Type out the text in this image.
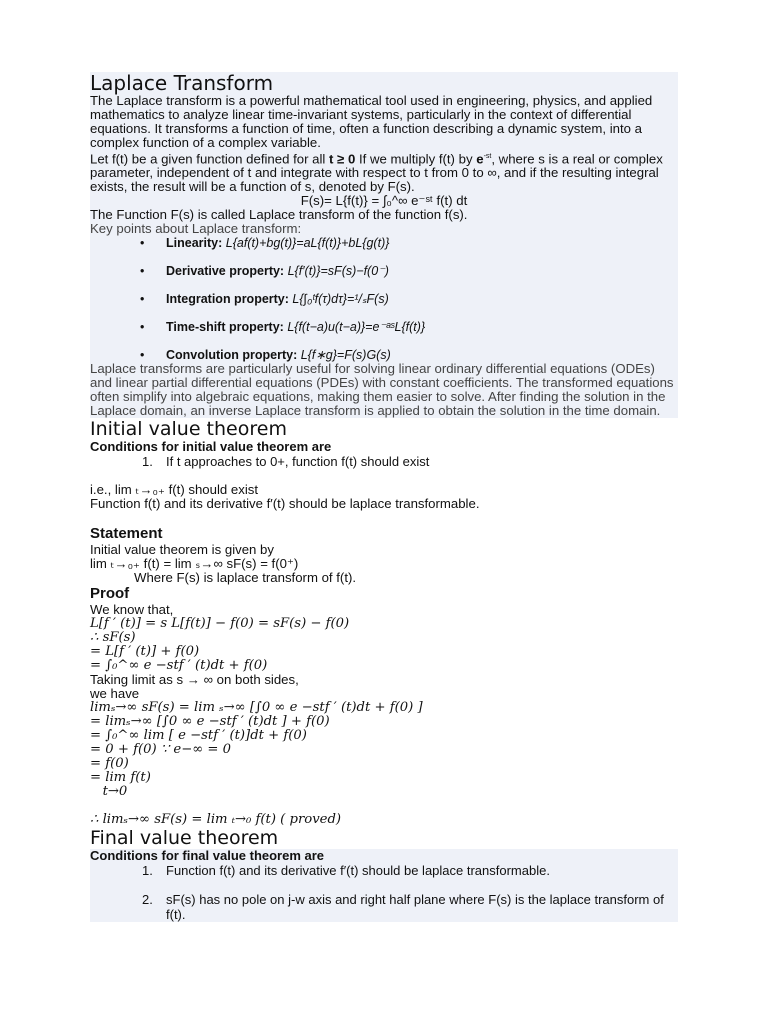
Laplace Transform

The Laplace transform is a powerful mathematical tool used in engineering, physics, and applied mathematics to analyze linear time-invariant systems, particularly in the context of differential equations. It transforms a function of time, often a function describing a dynamic system, into a complex function of a complex variable.

Let f(t) be a given function defined for all t ≥ 0 If we multiply f(t) by $e^{-st}$, where s is a real or complex parameter, independent of t and integrate with respect to t from 0 to ∞, and if the resulting integral exists, the result will be a function of s, denoted by F(s).

F(s)= L{f(t)} = ∫₀^∞ e⁻ˢᵗ f(t) dt

The Function F(s) is called Laplace transform of the function f(s).

Key points about Laplace transform:

• Linearity: L{af(t)+bg(t)}=aL{f(t)}+bL{g(t)}
• Derivative property: L{f′(t)}=sF(s)−f(0⁻)
• Integration property: L{∫₀ᵗf(τ)dτ}=¹/ₛF(s)
• Time-shift property: L{f(t−a)u(t−a)}=e⁻ᵃˢL{f(t)}
• Convolution property: L{f∗g}=F(s)G(s)

Laplace transforms are particularly useful for solving linear ordinary differential equations (ODEs) and linear partial differential equations (PDEs) with constant coefficients. The transformed equations often simplify into algebraic equations, making them easier to solve. After finding the solution in the Laplace domain, an inverse Laplace transform is applied to obtain the solution in the time domain.

Initial value theorem

Conditions for initial value theorem are

1. If t approaches to 0+, function f(t) should exist

i.e., lim ₜ→₀₊ f(t) should exist

Function f(t) and its derivative f′(t) should be laplace transformable.

Statement

Initial value theorem is given by

lim ₜ→₀₊ f(t) = lim ₛ→∞ sF(s) = f(0⁺)

Where F(s) is laplace transform of f(t).

Proof

We know that,

L[f ′ (t)] = s L[f(t)] − f(0) = sF(s) − f(0)

∴ sF(s)

= L[f ′ (t)] + f(0)

= ∫₀^∞ e −stf ′ (t)dt + f(0)

Taking limit as s → ∞ on both sides,

we have

limₛ→∞ sF(s) = lim ₛ→∞ [∫0 ∞ e −stf ′ (t)dt + f(0) ]

= limₛ→∞ [∫0 ∞ e −stf ′ (t)dt ] + f(0)

= ∫₀^∞ lim [ e −stf ′ (t)]dt + f(0)

= 0 + f(0) ∵ e−∞ = 0

= f(0)

= lim f(t)

t→0

∴ limₛ→∞ sF(s) = lim ₜ→₀ f(t) ( proved)

Final value theorem

Conditions for final value theorem are

1. Function f(t) and its derivative f′(t) should be laplace transformable.
2. sF(s) has no pole on j-w axis and right half plane where F(s) is the laplace transform of f(t).
